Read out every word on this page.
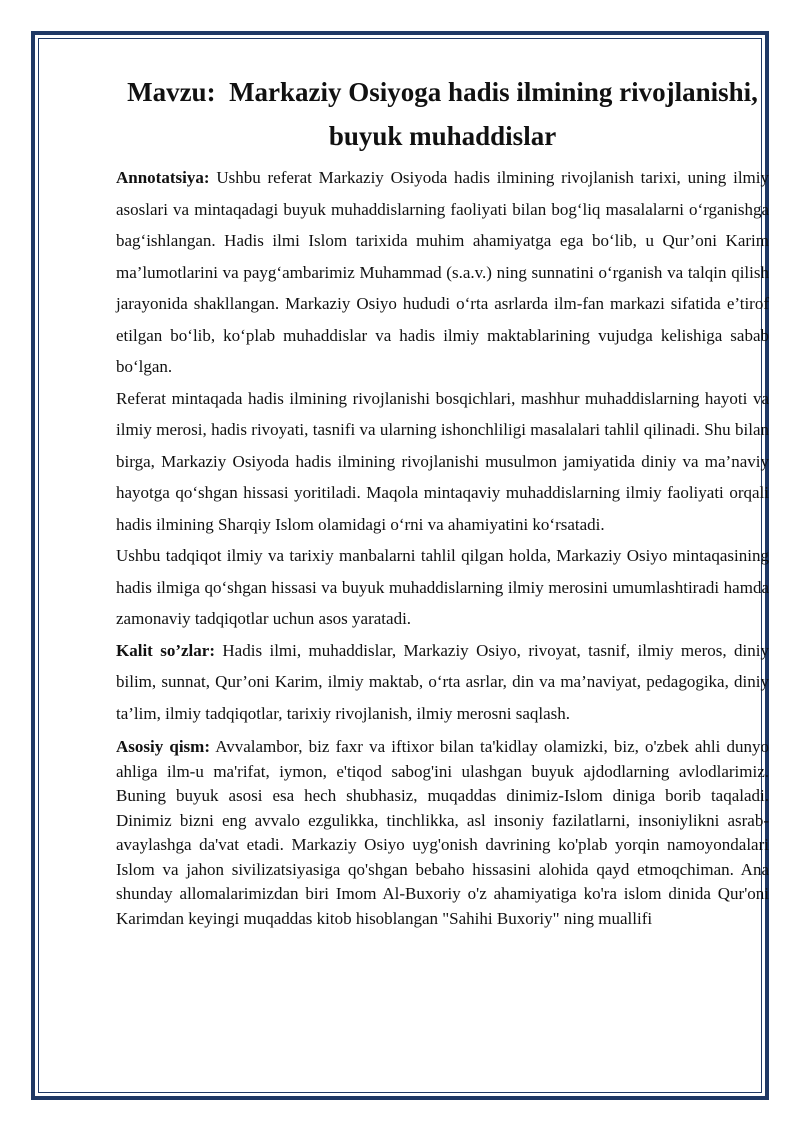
Mavzu: Markaziy Osiyoga hadis ilmining rivojlanishi, buyuk muhaddislar

Annotatsiya: Ushbu referat Markaziy Osiyoda hadis ilmining rivojlanish tarixi, uning ilmiy asoslari va mintaqadagi buyuk muhaddislarning faoliyati bilan bog‘liq masalalarni o‘rganishga bag‘ishlangan. Hadis ilmi Islom tarixida muhim ahamiyatga ega bo‘lib, u Qur’oni Karim ma’lumotlarini va payg‘ambarimiz Muhammad (s.a.v.) ning sunnatini o‘rganish va talqin qilish jarayonida shakllangan. Markaziy Osiyo hududi o‘rta asrlarda ilm-fan markazi sifatida e’tirof etilgan bo‘lib, ko‘plab muhaddislar va hadis ilmiy maktablarining vujudga kelishiga sabab bo‘lgan.

Referat mintaqada hadis ilmining rivojlanishi bosqichlari, mashhur muhaddislarning hayoti va ilmiy merosi, hadis rivoyati, tasnifi va ularning ishonchliligi masalalari tahlil qilinadi. Shu bilan birga, Markaziy Osiyoda hadis ilmining rivojlanishi musulmon jamiyatida diniy va ma’naviy hayotga qo‘shgan hissasi yoritiladi. Maqola mintaqaviy muhaddislarning ilmiy faoliyati orqali hadis ilmining Sharqiy Islom olamidagi o‘rni va ahamiyatini ko‘rsatadi.

Ushbu tadqiqot ilmiy va tarixiy manbalarni tahlil qilgan holda, Markaziy Osiyo mintaqasining hadis ilmiga qo‘shgan hissasi va buyuk muhaddislarning ilmiy merosini umumlashtiradi hamda zamonaviy tadqiqotlar uchun asos yaratadi.

Kalit so’zlar: Hadis ilmi, muhaddislar, Markaziy Osiyo, rivoyat, tasnif, ilmiy meros, diniy bilim, sunnat, Qur’oni Karim, ilmiy maktab, o‘rta asrlar, din va ma’naviyat, pedagogika, diniy ta’lim, ilmiy tadqiqotlar, tarixiy rivojlanish, ilmiy merosni saqlash.

Asosiy qism: Avvalambor, biz faxr va iftixor bilan ta'kidlay olamizki, biz, o'zbek ahli dunyo ahliga ilm-u ma'rifat, iymon, e'tiqod sabog'ini ulashgan buyuk ajdodlarning avlodlarimiz. Buning buyuk asosi esa hech shubhasiz, muqaddas dinimiz-Islom diniga borib taqaladi. Dinimiz bizni eng avvalo ezgulikka, tinchlikka, asl insoniy fazilatlarni, insoniylikni asrab-avaylashga da'vat etadi. Markaziy Osiyo uyg'onish davrining ko'plab yorqin namoyondalari Islom va jahon sivilizatsiyasiga qo'shgan bebaho hissasini alohida qayd etmoqchiman. Ana shunday allomalarimizdan biri Imom Al-Buxoriy o'z ahamiyatiga ko'ra islom dinida Qur'oni Karimdan keyingi muqaddas kitob hisoblangan "Sahihi Buxoriy" ning muallifi
